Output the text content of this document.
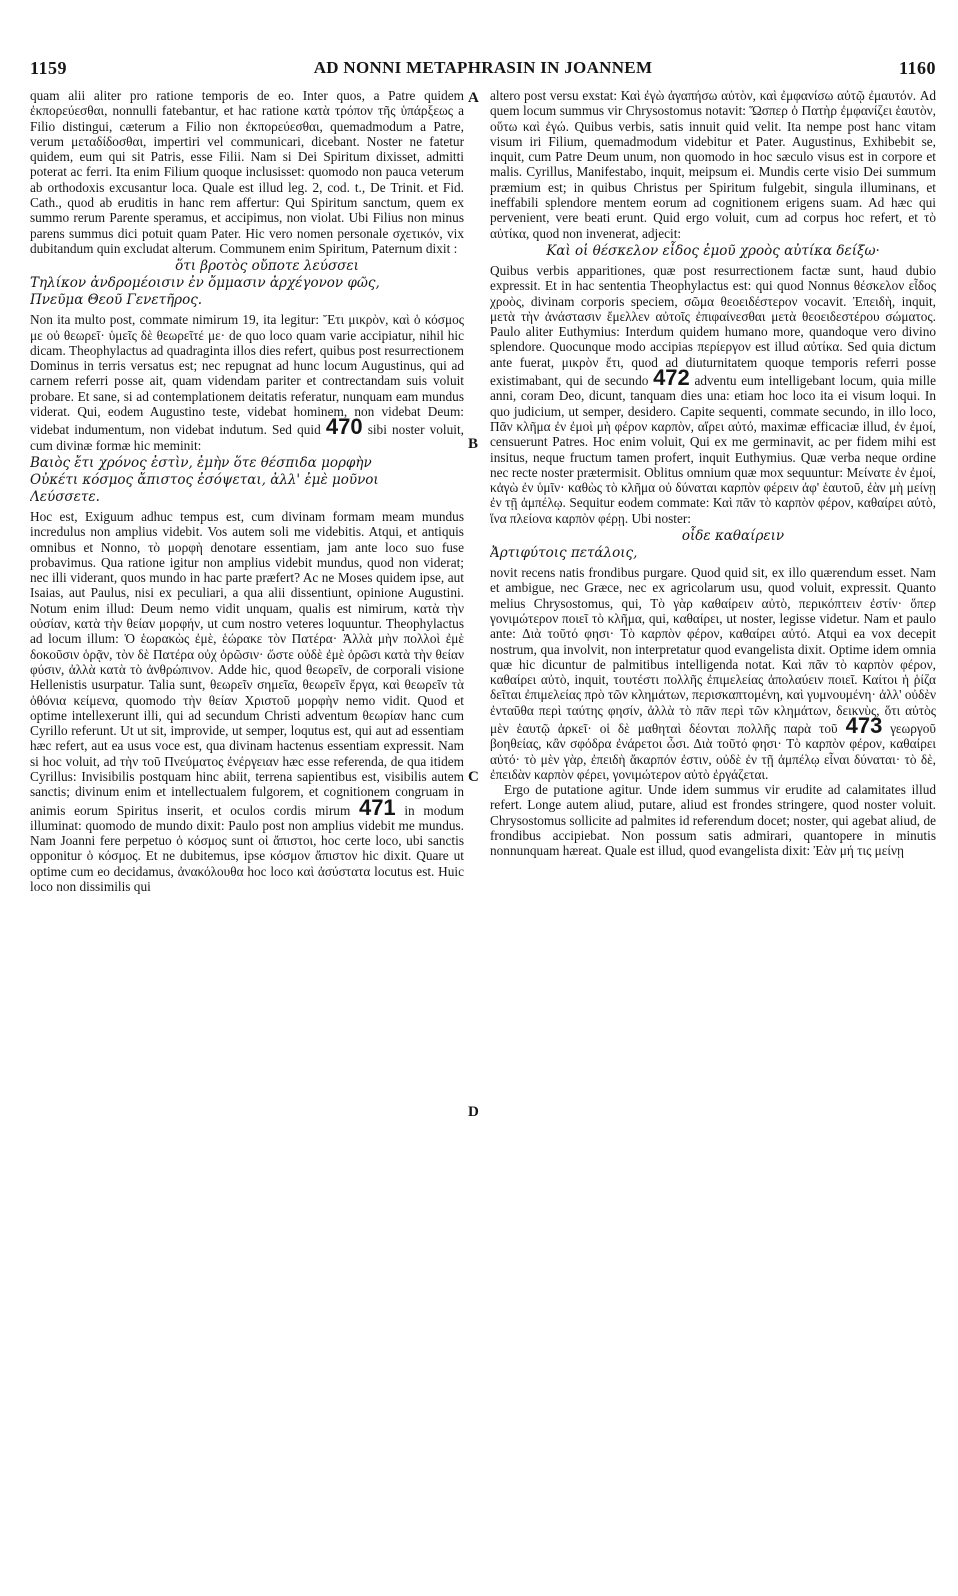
1159	AD NONNI METAPHRASIN IN JOANNEM	1160
A
B
C
D

quam alii aliter pro ratione temporis de eo. Inter quos, a Patre quidem ἐκπορεύεσθαι, nonnulli fatebantur, et hac ratione κατὰ τρόπον τῆς ὑπάρξεως a Filio distingui, cæterum a Filio non ἐκπορεύεσθαι, quemadmodum a Patre, verum μεταδίδοσθαι, impertiri vel communicari, dicebant. Noster ne fatetur quidem, eum qui sit Patris, esse Filii. Nam si Dei Spiritum dixisset, admitti poterat ac ferri. Ita enim Filium quoque inclusisset: quomodo non pauca veterum ab orthodoxis excusantur loca. Quale est illud leg. 2, cod. t., De Trinit. et Fid. Cath., quod ab eruditis in hanc rem affertur: Qui Spiritum sanctum, quem ex summo rerum Parente speramus, et accipimus, non violat. Ubi Filius non minus parens summus dici potuit quam Pater. Hic vero nomen personale σχετικόν, vix dubitandum quin excludat alterum. Communem enim Spiritum, Paternum dixit :

ὅτι βροτὸς οὔποτε λεύσσει
Τηλίκον ἀνδρομέοισιν ἐν ὄμμασιν ἀρχέγονον φῶς,
Πνεῦμα Θεοῦ Γενετῆρος.

Non ita multo post, commate nimirum 19, ita legitur: Ἔτι μικρὸν, καὶ ὁ κόσμος με οὐ θεωρεῖ· ὑμεῖς δὲ θεωρεῖτέ με· de quo loco quam varie accipiatur, nihil hic dicam. Theophylactus ad quadraginta illos dies refert, quibus post resurrectionem Dominus in terris versatus est; nec repugnat ad hunc locum Augustinus, qui ad carnem referri posse ait, quam videndam pariter et contrectandam suis voluit probare. Et sane, si ad contemplationem deitatis referatur, nunquam eam mundus viderat. Qui, eodem Augustino teste, videbat hominem, non videbat Deum: videbat indumentum, non videbat indutum. Sed quid 470 sibi noster voluit, cum divinæ formæ hic meminit:

Βαιὸς ἔτι χρόνος ἐστὶν, ἐμὴν ὅτε θέσπιδα μορφὴν
Οὐκέτι κόσμος ἄπιστος ἐσόψεται, ἀλλ' ἐμὲ μοῦνοι
Λεύσσετε.

Hoc est, Exiguum adhuc tempus est, cum divinam formam meam mundus incredulus non amplius videbit. Vos autem soli me videbitis. Atqui, et antiquis omnibus et Nonno, τὸ μορφὴ denotare essentiam, jam ante loco suo fuse probavimus. Qua ratione igitur non amplius videbit mundus, quod non viderat; nec illi viderant, quos mundo in hac parte præfert? Ac ne Moses quidem ipse, aut Isaias, aut Paulus, nisi ex peculiari, a qua alii dissentiunt, opinione Augustini. Notum enim illud: Deum nemo vidit unquam, qualis est nimirum, κατὰ τὴν οὐσίαν, κατὰ τὴν θείαν μορφήν, ut cum nostro veteres loquuntur. Theophylactus ad locum illum: Ὁ ἑωρακὼς ἐμὲ, ἑώρακε τὸν Πατέρα· Ἀλλὰ μὴν πολλοὶ ἐμὲ δοκοῦσιν ὁρᾷν, τὸν δὲ Πατέρα οὐχ ὁρῶσιν· ὥστε οὐδὲ ἐμὲ ὁρῶσι κατὰ τὴν θείαν φύσιν, ἀλλὰ κατὰ τὸ ἀνθρώπινον. Adde hic, quod θεωρεῖν, de corporali visione Hellenistis usurpatur. Talia sunt, θεωρεῖν σημεῖα, θεωρεῖν ἔργα, καὶ θεωρεῖν τὰ ὀθόνια κείμενα, quomodo τὴν θείαν Χριστοῦ μορφὴν nemo vidit. Quod et optime intellexerunt illi, qui ad secundum Christi adventum θεωρίαν hanc cum Cyrillo referunt. Ut ut sit, improvide, ut semper, loqutus est, qui aut ad essentiam hæc refert, aut ea usus voce est, qua divinam hactenus essentiam expressit. Nam si hoc voluit, ad τὴν τοῦ Πνεύματος ἐνέργειαν hæc esse referenda, de qua itidem Cyrillus: Invisibilis postquam hinc abiit, terrena sapientibus est, visibilis autem sanctis; divinum enim et intellectualem fulgorem, et cognitionem congruam in animis eorum Spiritus inserit, et oculos cordis mirum 471 in modum illuminat: quomodo de mundo dixit: Paulo post non amplius videbit me mundus. Nam Joanni fere perpetuo ὁ κόσμος sunt οἱ ἄπιστοι, hoc certe loco, ubi sanctis opponitur ὁ κόσμος. Et ne dubitemus, ipse κόσμον ἄπιστον hic dixit. Quare ut optime cum eo decidamus, ἀνακόλουθα hoc loco καὶ ἀσύστατα locutus est. Huic loco non dissimilis qui

altero post versu exstat: Καὶ ἐγὼ ἀγαπήσω αὐτὸν, καὶ ἐμφανίσω αὐτῷ ἐμαυτόν. Ad quem locum summus vir Chrysostomus notavit: Ὥσπερ ὁ Πατὴρ ἐμφανίζει ἑαυτὸν, οὕτω καὶ ἐγώ. Quibus verbis, satis innuit quid velit. Ita nempe post hanc vitam visum iri Filium, quemadmodum videbitur et Pater. Augustinus, Exhibebit se, inquit, cum Patre Deum unum, non quomodo in hoc sæculo visus est in corpore et malis. Cyrillus, Manifestabo, inquit, meipsum ei. Mundis certe visio Dei summum præmium est; in quibus Christus per Spiritum fulgebit, singula illuminans, et ineffabili splendore mentem eorum ad cognitionem erigens suam. Ad hæc qui pervenient, vere beati erunt. Quid ergo voluit, cum ad corpus hoc refert, et τὸ αὐτίκα, quod non invenerat, adjecit:

Καὶ οἱ θέσκελον εἶδος ἐμοῦ χροὸς αὐτίκα δείξω·

Quibus verbis apparitiones, quæ post resurrectionem factæ sunt, haud dubio expressit. Et in hac sententia Theophylactus est: qui quod Nonnus θέσκελον εἶδος χροὸς, divinam corporis speciem, σῶμα θεοειδέστερον vocavit. Ἐπειδὴ, inquit, μετὰ τὴν ἀνάστασιν ἔμελλεν αὐτοῖς ἐπιφαίνεσθαι μετὰ θεοειδεστέρου σώματος. Paulo aliter Euthymius: Interdum quidem humano more, quandoque vero divino splendore. Quocunque modo accipias περίεργον est illud αὐτίκα. Sed quia dictum ante fuerat, μικρὸν ἔτι, quod ad diuturnitatem quoque temporis referri posse existimabant, qui de secundo 472 adventu eum intelligebant locum, quia mille anni, coram Deo, dicunt, tanquam dies una: etiam hoc loco ita ei visum loqui. In quo judicium, ut semper, desidero. Capite sequenti, commate secundo, in illo loco, Πᾶν κλῆμα ἐν ἐμοὶ μὴ φέρον καρπὸν, αἴρει αὐτό, maximæ efficaciæ illud, ἐν ἐμοί, censuerunt Patres. Hoc enim voluit, Qui ex me germinavit, ac per fidem mihi est insitus, neque fructum tamen profert, inquit Euthymius. Quæ verba neque ordine nec recte noster prætermisit. Oblitus omnium quæ mox sequuntur: Μείνατε ἐν ἐμοί, κἀγὼ ἐν ὑμῖν· καθὼς τὸ κλῆμα οὐ δύναται καρπὸν φέρειν ἀφ' ἑαυτοῦ, ἐὰν μὴ μείνῃ ἐν τῇ ἀμπέλῳ. Sequitur eodem commate: Καὶ πᾶν τὸ καρπὸν φέρον, καθαίρει αὐτὸ, ἵνα πλείονα καρπὸν φέρῃ. Ubi noster:

οἶδε καθαίρειν
Ἀρτιφύτοις πετάλοις,

novit recens natis frondibus purgare. Quod quid sit, ex illo quærendum esset. Nam et ambigue, nec Græce, nec ex agricolarum usu, quod voluit, expressit. Quanto melius Chrysostomus, qui, Τὸ γὰρ καθαίρειν αὐτὸ, περικόπτειν ἐστίν· ὅπερ γονιμώτερον ποιεῖ τὸ κλῆμα, qui, καθαίρει, ut noster, legisse videtur. Nam et paulo ante: Διὰ τοῦτό φησι· Τὸ καρπὸν φέρον, καθαίρει αὐτό. Atqui ea vox decepit nostrum, qua involvit, non interpretatur quod evangelista dixit. Optime idem omnia quæ hic dicuntur de palmitibus intelligenda notat. Καὶ πᾶν τὸ καρπὸν φέρον, καθαίρει αὐτὸ, inquit, τουτέστι πολλῆς ἐπιμελείας ἀπολαύειν ποιεῖ. Καίτοι ἡ ῥίζα δεῖται ἐπιμελείας πρὸ τῶν κλημάτων, περισκαπτομένη, καὶ γυμνουμένη· ἀλλ' οὐδὲν ἐνταῦθα περὶ ταύτης φησίν, ἀλλὰ τὸ πᾶν περὶ τῶν κλημάτων, δεικνὺς, ὅτι αὐτὸς μὲν ἑαυτῷ ἀρκεῖ· οἱ δὲ μαθηταὶ δέονται πολλῆς παρὰ τοῦ 473 γεωργοῦ βοηθείας, κἂν σφόδρα ἐνάρετοι ὦσι. Διὰ τοῦτό φησι· Τὸ καρπὸν φέρον, καθαίρει αὐτό· τὸ μὲν γὰρ, ἐπειδὴ ἄκαρπόν ἐστιν, οὐδὲ ἐν τῇ ἀμπέλῳ εἶναι δύναται· τὸ δὲ, ἐπειδὰν καρπὸν φέρει, γονιμώτερον αὐτὸ ἐργάζεται.

Ergo de putatione agitur. Unde idem summus vir erudite ad calamitates illud refert. Longe autem aliud, putare, aliud est frondes stringere, quod noster voluit. Chrysostomus sollicite ad palmites id referendum docet; noster, qui agebat aliud, de frondibus accipiebat. Non possum satis admirari, quantopere in minutis nonnunquam hæreat. Quale est illud, quod evangelista dixit: Ἐὰν μή τις μείνῃ
